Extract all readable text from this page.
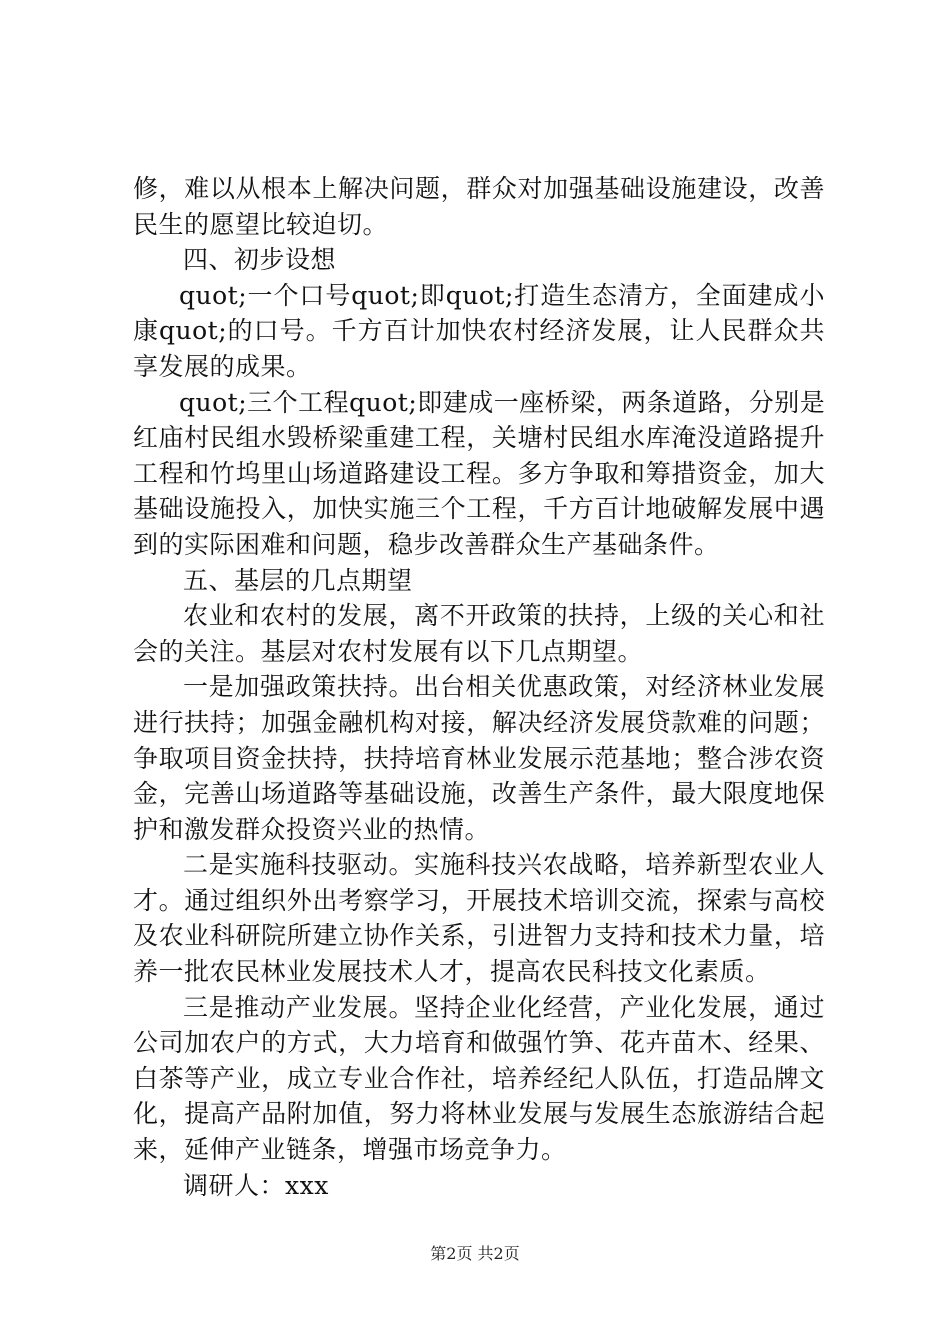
修，难以从根本上解决问题，群众对加强基础设施建设，改善
民生的愿望比较迫切。
四、初步设想
quot;一个口号quot;即quot;打造生态清方，全面建成小
康quot;的口号。千方百计加快农村经济发展，让人民群众共
享发展的成果。
quot;三个工程quot;即建成一座桥梁，两条道路，分别是
红庙村民组水毁桥梁重建工程，关塘村民组水库淹没道路提升
工程和竹坞里山场道路建设工程。多方争取和筹措资金，加大
基础设施投入，加快实施三个工程，千方百计地破解发展中遇
到的实际困难和问题，稳步改善群众生产基础条件。
五、基层的几点期望
农业和农村的发展，离不开政策的扶持，上级的关心和社
会的关注。基层对农村发展有以下几点期望。
一是加强政策扶持。出台相关优惠政策，对经济林业发展
进行扶持；加强金融机构对接，解决经济发展贷款难的问题；
争取项目资金扶持，扶持培育林业发展示范基地；整合涉农资
金，完善山场道路等基础设施，改善生产条件，最大限度地保
护和激发群众投资兴业的热情。
二是实施科技驱动。实施科技兴农战略，培养新型农业人
才。通过组织外出考察学习，开展技术培训交流，探索与高校
及农业科研院所建立协作关系，引进智力支持和技术力量，培
养一批农民林业发展技术人才，提高农民科技文化素质。
三是推动产业发展。坚持企业化经营，产业化发展，通过
公司加农户的方式，大力培育和做强竹笋、花卉苗木、经果、
白茶等产业，成立专业合作社，培养经纪人队伍，打造品牌文
化，提高产品附加值，努力将林业发展与发展生态旅游结合起
来，延伸产业链条，增强市场竞争力。
调研人：xxx
第2页 共2页
